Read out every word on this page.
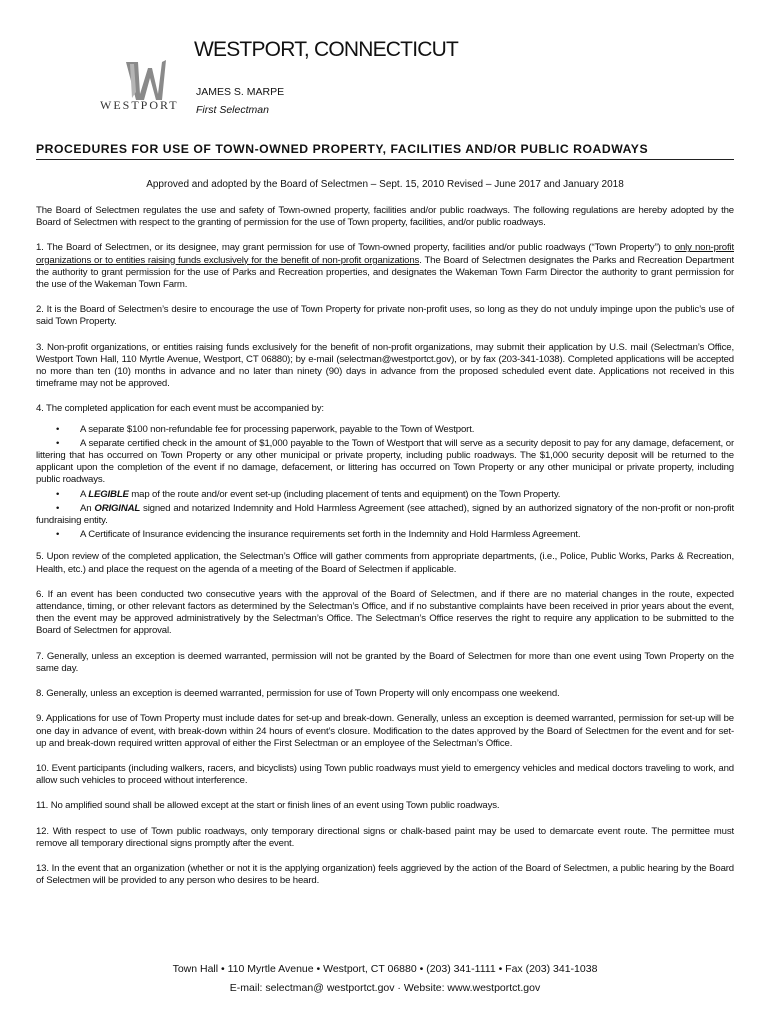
WESTPORT
WESTPORT, CONNECTICUT
JAMES S. MARPE
First Selectman
PROCEDURES FOR USE OF TOWN-OWNED PROPERTY, FACILITIES AND/OR PUBLIC ROADWAYS
Approved and adopted by the Board of Selectmen – Sept. 15, 2010 Revised – June 2017 and January 2018

The Board of Selectmen regulates the use and safety of Town-owned property, facilities and/or public roadways. The following regulations are hereby adopted by the Board of Selectmen with respect to the granting of permission for the use of Town property, facilities, and/or public roadways.

1. The Board of Selectmen, or its designee, may grant permission for use of Town-owned property, facilities and/or public roadways (“Town Property”) to only non-profit organizations or to entities raising funds exclusively for the benefit of non-profit organizations. The Board of Selectmen designates the Parks and Recreation Department the authority to grant permission for the use of Parks and Recreation properties, and designates the Wakeman Town Farm Director the authority to grant permission for the use of the Wakeman Town Farm.

2. It is the Board of Selectmen’s desire to encourage the use of Town Property for private non-profit uses, so long as they do not unduly impinge upon the public’s use of said Town Property.

3. Non-profit organizations, or entities raising funds exclusively for the benefit of non-profit organizations, may submit their application by U.S. mail (Selectman’s Office, Westport Town Hall, 110 Myrtle Avenue, Westport, CT 06880); by e-mail (selectman@westportct.gov), or by fax (203-341-1038). Completed applications will be accepted no more than ten (10) months in advance and no later than ninety (90) days in advance from the proposed scheduled event date. Applications not received in this timeframe may not be approved.

4. The completed application for each event must be accompanied by:

• A separate $100 non-refundable fee for processing paperwork, payable to the Town of Westport.
• A separate certified check in the amount of $1,000 payable to the Town of Westport that will serve as a security deposit to pay for any damage, defacement, or littering that has occurred on Town Property or any other municipal or private property, including public roadways. The $1,000 security deposit will be returned to the applicant upon the completion of the event if no damage, defacement, or littering has occurred on Town Property or any other municipal or private property, including public roadways.
• A LEGIBLE map of the route and/or event set-up (including placement of tents and equipment) on the Town Property.
• An ORIGINAL signed and notarized Indemnity and Hold Harmless Agreement (see attached), signed by an authorized signatory of the non-profit or non-profit fundraising entity.
• A Certificate of Insurance evidencing the insurance requirements set forth in the Indemnity and Hold Harmless Agreement.

5. Upon review of the completed application, the Selectman’s Office will gather comments from appropriate departments, (i.e., Police, Public Works, Parks & Recreation, Health, etc.) and place the request on the agenda of a meeting of the Board of Selectmen if applicable.

6. If an event has been conducted two consecutive years with the approval of the Board of Selectmen, and if there are no material changes in the route, expected attendance, timing, or other relevant factors as determined by the Selectman’s Office, and if no substantive complaints have been received in prior years about the event, then the event may be approved administratively by the Selectman’s Office. The Selectman’s Office reserves the right to require any application to be submitted to the Board of Selectmen for approval.

7. Generally, unless an exception is deemed warranted, permission will not be granted by the Board of Selectmen for more than one event using Town Property on the same day.

8. Generally, unless an exception is deemed warranted, permission for use of Town Property will only encompass one weekend.

9. Applications for use of Town Property must include dates for set-up and break-down. Generally, unless an exception is deemed warranted, permission for set-up will be one day in advance of event, with break-down within 24 hours of event’s closure. Modification to the dates approved by the Board of Selectmen for the event and for set-up and break-down required written approval of either the First Selectman or an employee of the Selectman’s Office.

10. Event participants (including walkers, racers, and bicyclists) using Town public roadways must yield to emergency vehicles and medical doctors traveling to work, and allow such vehicles to proceed without interference.

11. No amplified sound shall be allowed except at the start or finish lines of an event using Town public roadways.

12. With respect to use of Town public roadways, only temporary directional signs or chalk-based paint may be used to demarcate event route. The permittee must remove all temporary directional signs promptly after the event.

13. In the event that an organization (whether or not it is the applying organization) feels aggrieved by the action of the Board of Selectmen, a public hearing by the Board of Selectmen will be provided to any person who desires to be heard.

Town Hall • 110 Myrtle Avenue • Westport, CT 06880 • (203) 341-1111 • Fax (203) 341-1038
E-mail: selectman@ westportct.gov · Website: www.westportct.gov
